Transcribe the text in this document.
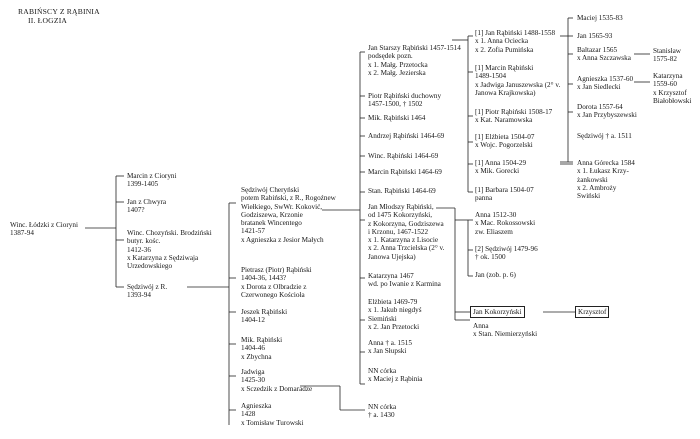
RABIŃSCY Z RĄBINIA
II. ŁOGZIA
Winc. Łódzki z Cioryni
1387-94
Marcin z Cioryni
1399-1405
Jan z Chwyra
1407?
Winc. Chozyński. Brodziński
butyr. kośc.
1412-36
x Katarzyna z Sędziwaja
Urzedowskiego
Sędziwój z R.
1393-94
Sędziwój Cheryński
potem Rabiński, z R., Rogoźnew
Wiełkiego, SwWr. Koković,
Godziszewa, Krzonie
bratanek Wincentego
1421-57
x Agnieszka z Jesior Małych
Pietrasz (Piotr) Rąbiński
1404-36, 1443?
x Dorota z Olbradzie z
Czerwonego Kościoła
Jeszek Rąbiński
1404-12
Mik. Rąbiński
1404-46
x Zbychna
Jadwiga
1425-30
x Sczedzik z Domaradze
Agnieszka
1428
x Tomisław Turowski
Jan Starszy Rąbiński 1457-1514
podsędek pozn.
x 1. Małg. Przetocka
x 2. Małg. Jezierska
Piotr Rąbiński duchowny
1457-1500, † 1502
Mik. Rąbiński 1464
Andrzej Rąbiński 1464-69
Winc. Rąbiński 1464-69
Marcin Rąbiński 1464-69
Stan. Rąbiński 1464-69
Jan Młodszy Rąbiński,
od 1475 Kokorzyński,
z Kokorzyna, Godziszewa
i Krzonu, 1467-1522
x 1. Katarzyna z Lisocie
x 2. Anna Trzcielska (2° v.
Janowa Ujejska)
Katarzyna 1467
wd. po Iwanie z Karmina
Elżbieta 1469-79
x 1. Jakub niegdyś
Siemiński
x 2. Jan Przetocki
Anna † a. 1515
x Jan Słupski
NN córka
x Maciej z Rąbinia
NN córka
† a. 1430
[1] Jan Rąbiński 1488-1558
x 1. Anna Ociecka
x 2. Zofia Pumińska
[1] Marcin Rąbiński
1489-1504
x Jadwiga Januszewska (2° v.
Janowa Krajkowska)
[1] Piotr Rąbiński 1508-17
x Kat. Naramowska
[1] Elżbieta 1504-07
x Wojc. Pogorzelski
[1] Anna 1504-29
x Mik. Gorecki
[1] Barbara 1504-07
panna
Anna 1512-30
x Mac. Rokossowski
zw. Eliaszem
[2] Sędziwój 1479-96
† ok. 1500
Jan (zob. p. 6)
Jan Kokorzyński
Anna
x Stan. Niemierzyński
Maciej 1535-83
Jan 1565-93
Baltazar 1565
x Anna Szczawska
Agnieszka 1537-60
x Jan Siedlecki
Dorota 1557-64
x Jan Przybyszewski
Sędziwój † a. 1511
Anna Górecka 1584
x 1. Łukasz Krzy-
żankowski
x 2. Ambroży
Swiński
Krzysztof
Stanisław
1575-82
Katarzyna
1559-60
x Krzysztof
Białobłowski
